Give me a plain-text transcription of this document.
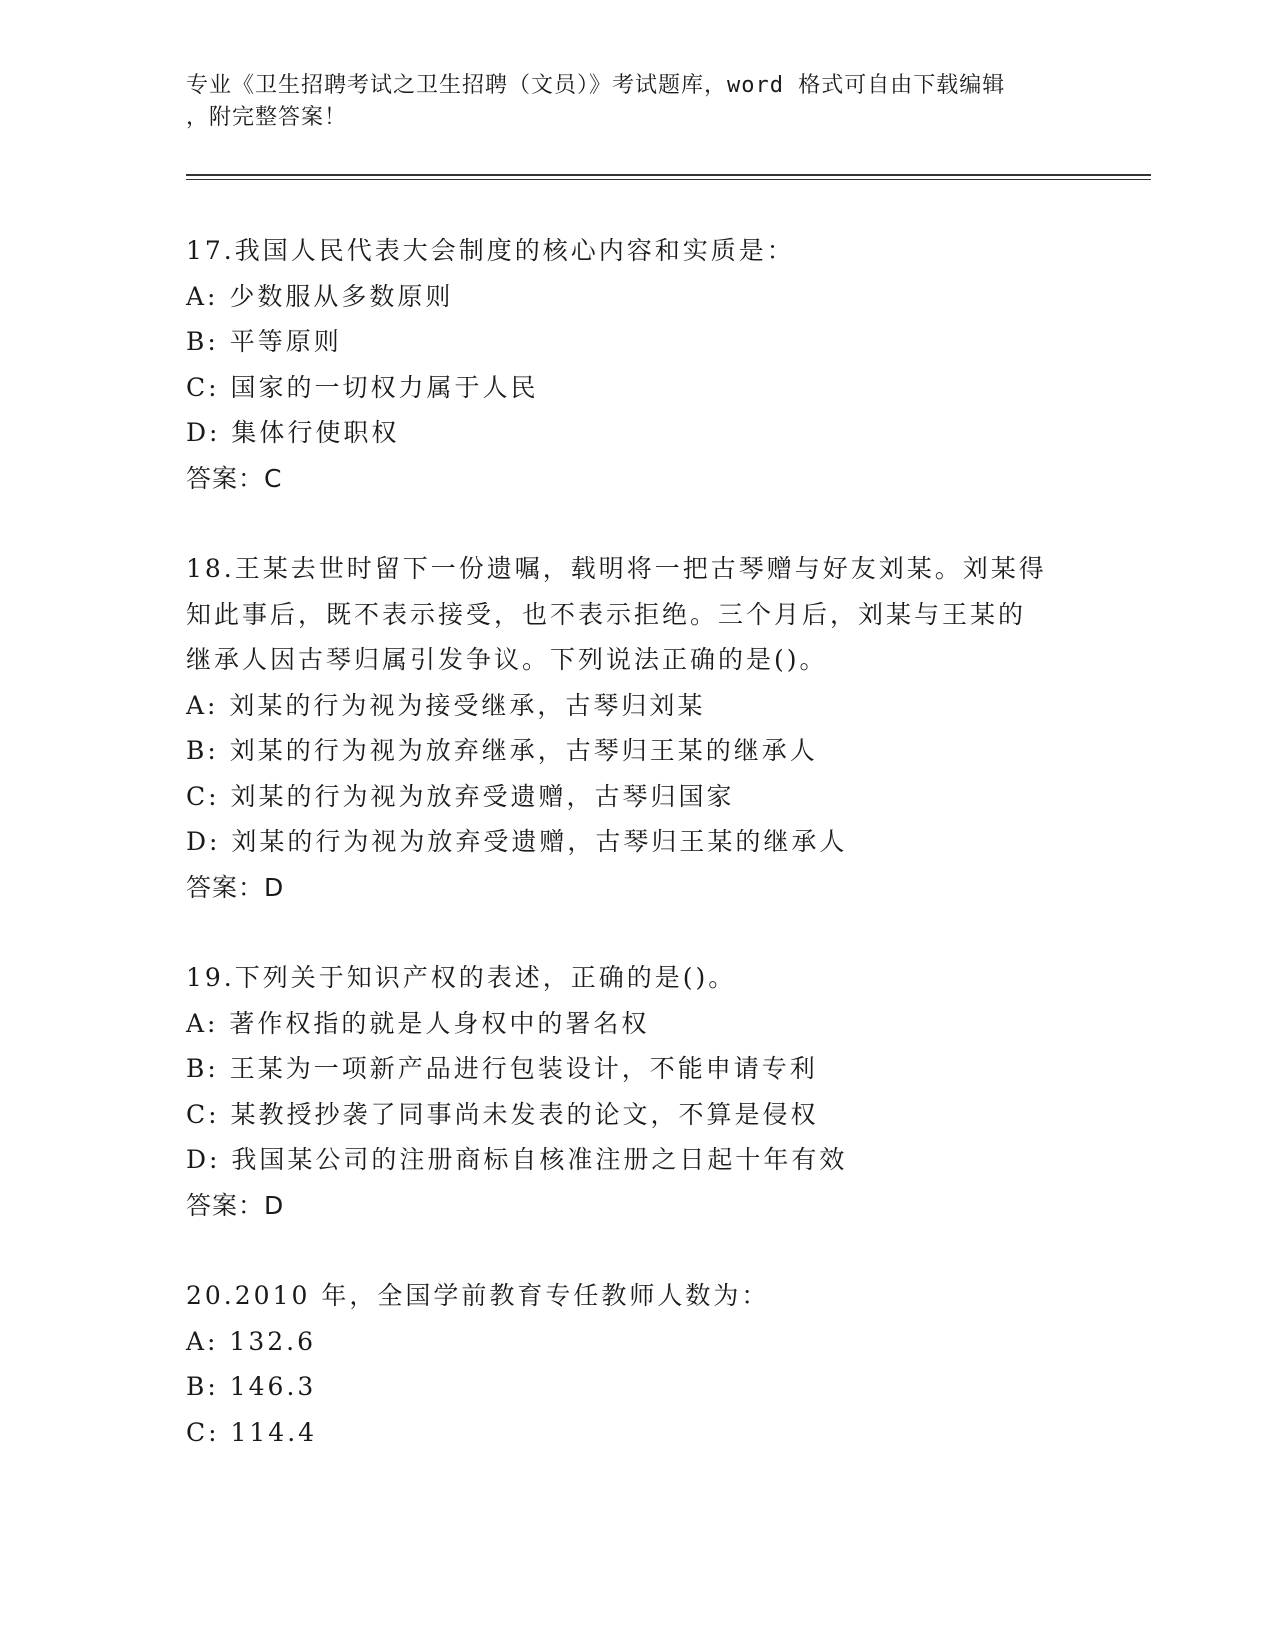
专业《卫生招聘考试之卫生招聘（文员）》考试题库，word 格式可自由下载编辑

，附完整答案！

17.我国人民代表大会制度的核心内容和实质是：

A: 少数服从多数原则

B: 平等原则

C: 国家的一切权力属于人民

D: 集体行使职权

答案：C

18.王某去世时留下一份遗嘱，载明将一把古琴赠与好友刘某。刘某得

知此事后，既不表示接受，也不表示拒绝。三个月后，刘某与王某的

继承人因古琴归属引发争议。下列说法正确的是()。

A: 刘某的行为视为接受继承，古琴归刘某

B: 刘某的行为视为放弃继承，古琴归王某的继承人

C: 刘某的行为视为放弃受遗赠，古琴归国家

D: 刘某的行为视为放弃受遗赠，古琴归王某的继承人

答案：D

19.下列关于知识产权的表述，正确的是()。

A: 著作权指的就是人身权中的署名权

B: 王某为一项新产品进行包装设计，不能申请专利

C: 某教授抄袭了同事尚未发表的论文，不算是侵权

D: 我国某公司的注册商标自核准注册之日起十年有效

答案：D

20.2010 年，全国学前教育专任教师人数为：

A: 132.6

B: 146.3

C: 114.4
